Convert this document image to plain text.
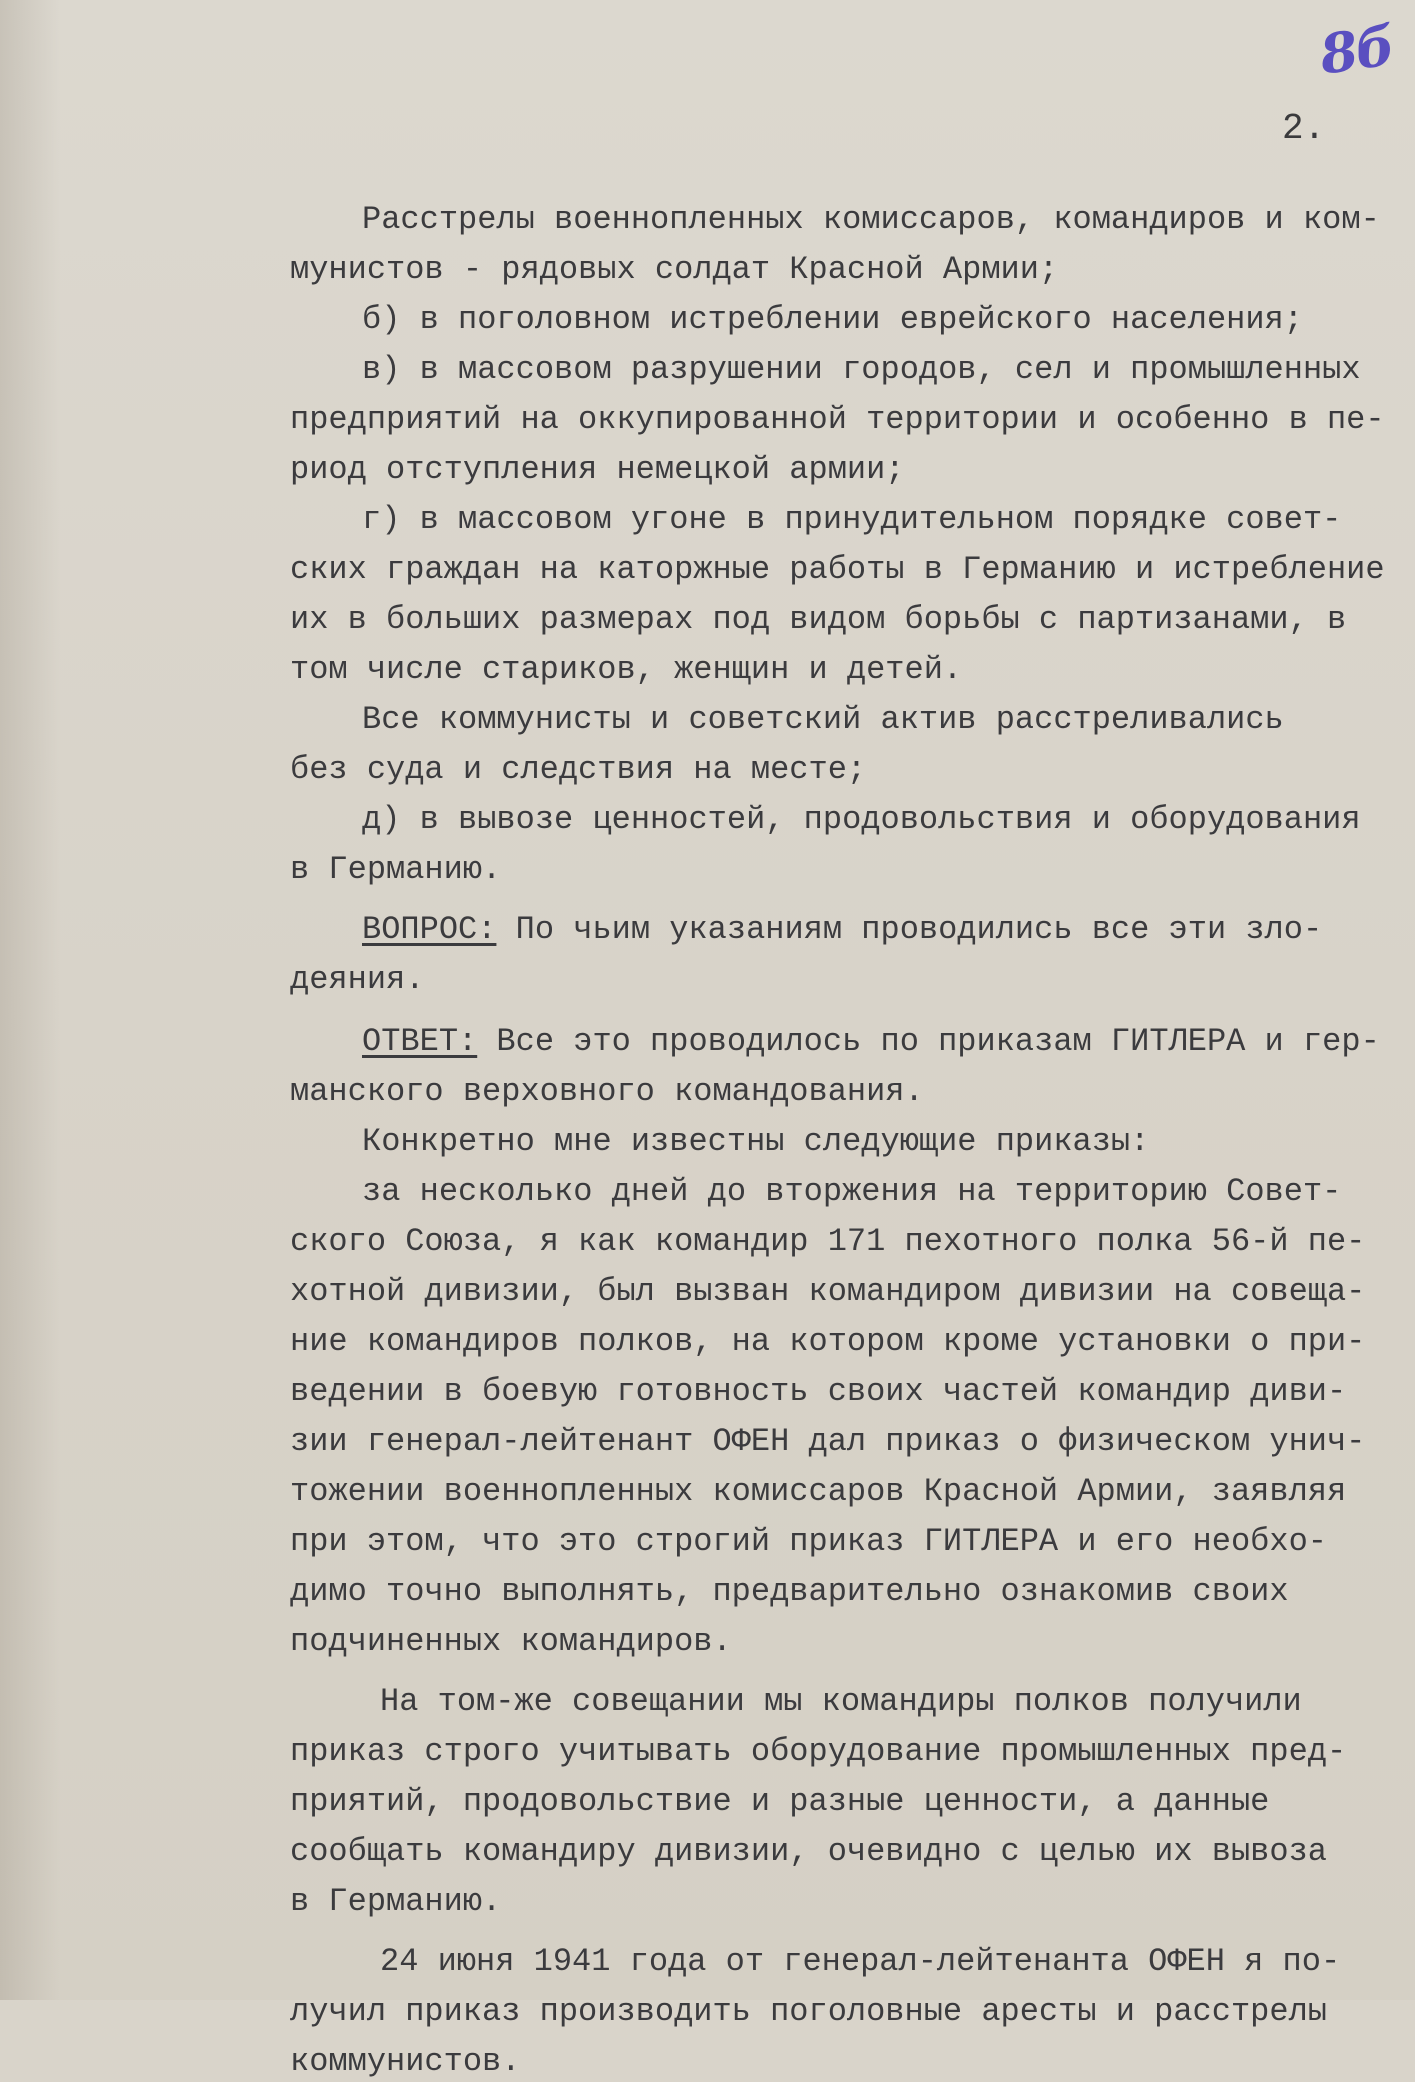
8б
2.
Расстрелы военнопленных комиссаров, командиров и ком-
мунистов - рядовых солдат Красной Армии;
б) в поголовном истреблении еврейского населения;
в) в массовом разрушении городов, сел и промышленных
предприятий на оккупированной территории и особенно в пе-
риод отступления немецкой армии;
г) в массовом угоне в принудительном порядке совет-
ских граждан на каторжные работы в Германию и истребление
их в больших размерах под видом борьбы с партизанами, в
том числе стариков, женщин и детей.
Все коммунисты и советский актив расстреливались
без суда и следствия на месте;
д) в вывозе ценностей, продовольствия и оборудования
в Германию.
ВОПРОС: По чьим указаниям проводились все эти зло-
деяния.
ОТВЕТ: Все это проводилось по приказам ГИТЛЕРА и гер-
манского верховного командования.
Конкретно мне известны следующие приказы:
за несколько дней до вторжения на территорию Совет-
ского Союза, я как командир 171 пехотного полка 56-й пе-
хотной дивизии, был вызван командиром дивизии на совеща-
ние командиров полков, на котором кроме установки о при-
ведении в боевую готовность своих частей командир диви-
зии генерал-лейтенант ОФЕН дал приказ о физическом унич-
тожении военнопленных комиссаров Красной Армии, заявляя
при этом, что это строгий приказ ГИТЛЕРА и его необхо-
димо точно выполнять, предварительно ознакомив своих
подчиненных командиров.
На том-же совещании мы командиры полков получили
приказ строго учитывать оборудование промышленных пред-
приятий, продовольствие и разные ценности, а данные
сообщать командиру дивизии, очевидно с целью их вывоза
в Германию.
24 июня 1941 года от генерал-лейтенанта ОФЕН я по-
лучил приказ производить поголовные аресты и расстрелы
коммунистов.
